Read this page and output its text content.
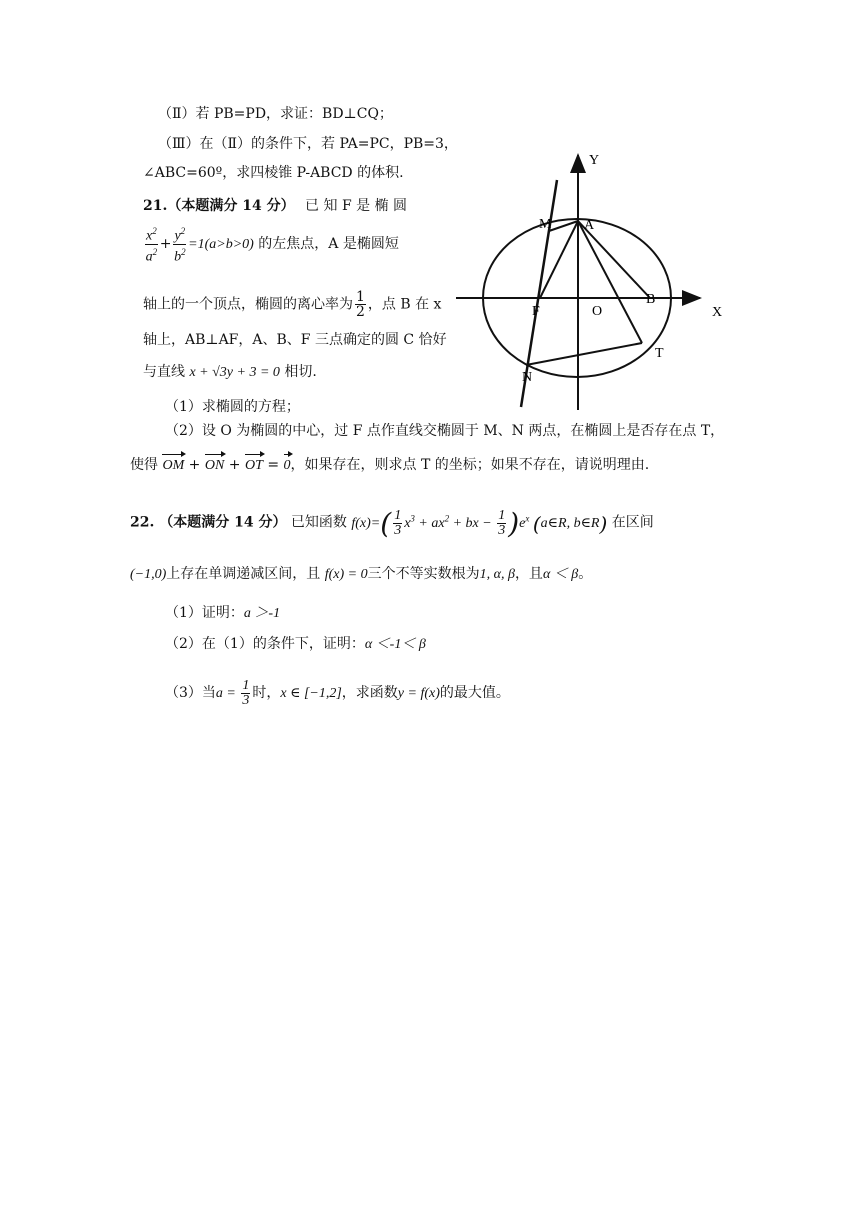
（Ⅱ）若 PB=PD，求证：BD⊥CQ；
（Ⅲ）在（Ⅱ）的条件下，若 PA=PC，PB=3，
∠ABC=60º，求四棱锥 P-ABCD 的体积.
21.（本题满分 14 分） 已 知 F 是 椭 圆
$\frac{x^2}{a^2} + \frac{y^2}{b^2} =1(a>b>0)$ 的左焦点，A 是椭圆短
轴上的一个顶点，椭圆的离心率为 $\frac{1}{2}$ ，点 B 在 x
轴上，AB⊥AF，A、B、F 三点确定的圆 C 恰好
与直线 x + √3y + 3 = 0 相切.
（1）求椭圆的方程；
（2）设 O 为椭圆的中心，过 F 点作直线交椭圆于 M、N 两点，在椭圆上是否存在点 T，
使得 OM + ON + OT = 0，如果存在，则求点 T 的坐标；如果不存在，请说明理由.
Y
X
M A
F	O
B
T
N
22. （本题满分 14 分） 已知函数 $f(x)=( \frac{1}{3} x^3 + ax^2$ + bx − $\frac{1}{3} )e^x$ (a∈R, b∈R) 在区间
(−1,0)上存在单调递减区间，且 f(x) = 0三个不等实数根为1, α, β，且α ＜ β。
（1）证明：a ＞-1
（2）在（1）的条件下，证明：α ＜-1＜ β
（3）当$a = \frac{1}{3}$ 时，x ∈ [−1,2]，求函数y = f(x)的最大值。
